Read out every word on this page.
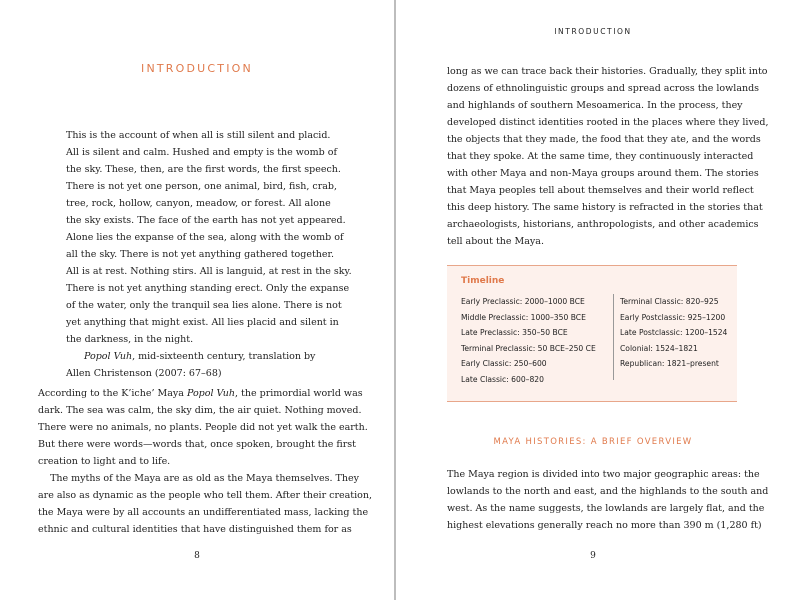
INTRODUCTION
This is the account of when all is still silent and placid.
All is silent and calm. Hushed and empty is the womb of
the sky. These, then, are the first words, the first speech.
There is not yet one person, one animal, bird, fish, crab,
tree, rock, hollow, canyon, meadow, or forest. All alone
the sky exists. The face of the earth has not yet appeared.
Alone lies the expanse of the sea, along with the womb of
all the sky. There is not yet anything gathered together.
All is at rest. Nothing stirs. All is languid, at rest in the sky.
There is not yet anything standing erect. Only the expanse
of the water, only the tranquil sea lies alone. There is not
yet anything that might exist. All lies placid and silent in
the darkness, in the night.
Popol Vuh, mid-sixteenth century, translation by
Allen Christenson (2007: 67–68)
According to the K’iche’ Maya Popol Vuh, the primordial world was
dark. The sea was calm, the sky dim, the air quiet. Nothing moved.
There were no animals, no plants. People did not yet walk the earth.
But there were words—words that, once spoken, brought the first
creation to light and to life.
The myths of the Maya are as old as the Maya themselves. They
are also as dynamic as the people who tell them. After their creation,
the Maya were by all accounts an undifferentiated mass, lacking the
ethnic and cultural identities that have distinguished them for as
8
INTRODUCTION
long as we can trace back their histories. Gradually, they split into
dozens of ethnolinguistic groups and spread across the lowlands
and highlands of southern Mesoamerica. In the process, they
developed distinct identities rooted in the places where they lived,
the objects that they made, the food that they ate, and the words
that they spoke. At the same time, they continuously interacted
with other Maya and non-Maya groups around them. The stories
that Maya peoples tell about themselves and their world reflect
this deep history. The same history is refracted in the stories that
archaeologists, historians, anthropologists, and other academics
tell about the Maya.
Timeline
Early Preclassic: 2000–1000 BCE
Middle Preclassic: 1000–350 BCE
Late Preclassic: 350–50 BCE
Terminal Preclassic: 50 BCE–250 CE
Early Classic: 250–600
Late Classic: 600–820
Terminal Classic: 820–925
Early Postclassic: 925–1200
Late Postclassic: 1200–1524
Colonial: 1524–1821
Republican: 1821–present
MAYA HISTORIES: A BRIEF OVERVIEW
The Maya region is divided into two major geographic areas: the
lowlands to the north and east, and the highlands to the south and
west. As the name suggests, the lowlands are largely flat, and the
highest elevations generally reach no more than 390 m (1,280 ft)
9
